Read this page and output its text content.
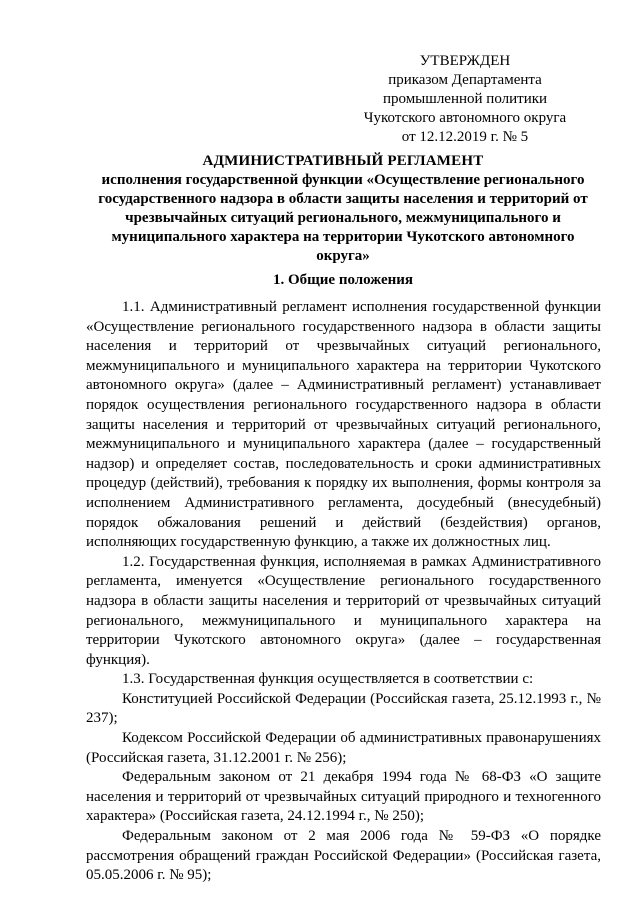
УТВЕРЖДЕН
приказом Департамента
промышленной политики
Чукотского автономного округа
от 12.12.2019 г. № 5
АДМИНИСТРАТИВНЫЙ РЕГЛАМЕНТ
исполнения государственной функции «Осуществление регионального государственного надзора в области защиты населения и территорий от чрезвычайных ситуаций регионального, межмуниципального и муниципального характера на территории Чукотского автономного округа»
1. Общие положения

1.1. Административный регламент исполнения государственной функции «Осуществление регионального государственного надзора в области защиты населения и территорий от чрезвычайных ситуаций регионального, межмуниципального и муниципального характера на территории Чукотского автономного округа» (далее – Административный регламент) устанавливает порядок осуществления регионального государственного надзора в области защиты населения и территорий от чрезвычайных ситуаций регионального, межмуниципального и муниципального характера (далее – государственный надзор) и определяет состав, последовательность и сроки административных процедур (действий), требования к порядку их выполнения, формы контроля за исполнением Административного регламента, досудебный (внесудебный) порядок обжалования решений и действий (бездействия) органов, исполняющих государственную функцию, а также их должностных лиц.

1.2. Государственная функция, исполняемая в рамках Административного регламента, именуется «Осуществление регионального государственного надзора в области защиты населения и территорий от чрезвычайных ситуаций регионального, межмуниципального и муниципального характера на территории Чукотского автономного округа» (далее – государственная функция).

1.3. Государственная функция осуществляется в соответствии с:

Конституцией Российской Федерации (Российская газета, 25.12.1993 г., № 237);

Кодексом Российской Федерации об административных правонарушениях (Российская газета, 31.12.2001 г. № 256);

Федеральным законом от 21 декабря 1994 года № 68-ФЗ «О защите населения и территорий от чрезвычайных ситуаций природного и техногенного характера» (Российская газета, 24.12.1994 г., № 250);

Федеральным законом от 2 мая 2006 года № 59-ФЗ «О порядке рассмотрения обращений граждан Российской Федерации» (Российская газета, 05.05.2006 г. № 95);
